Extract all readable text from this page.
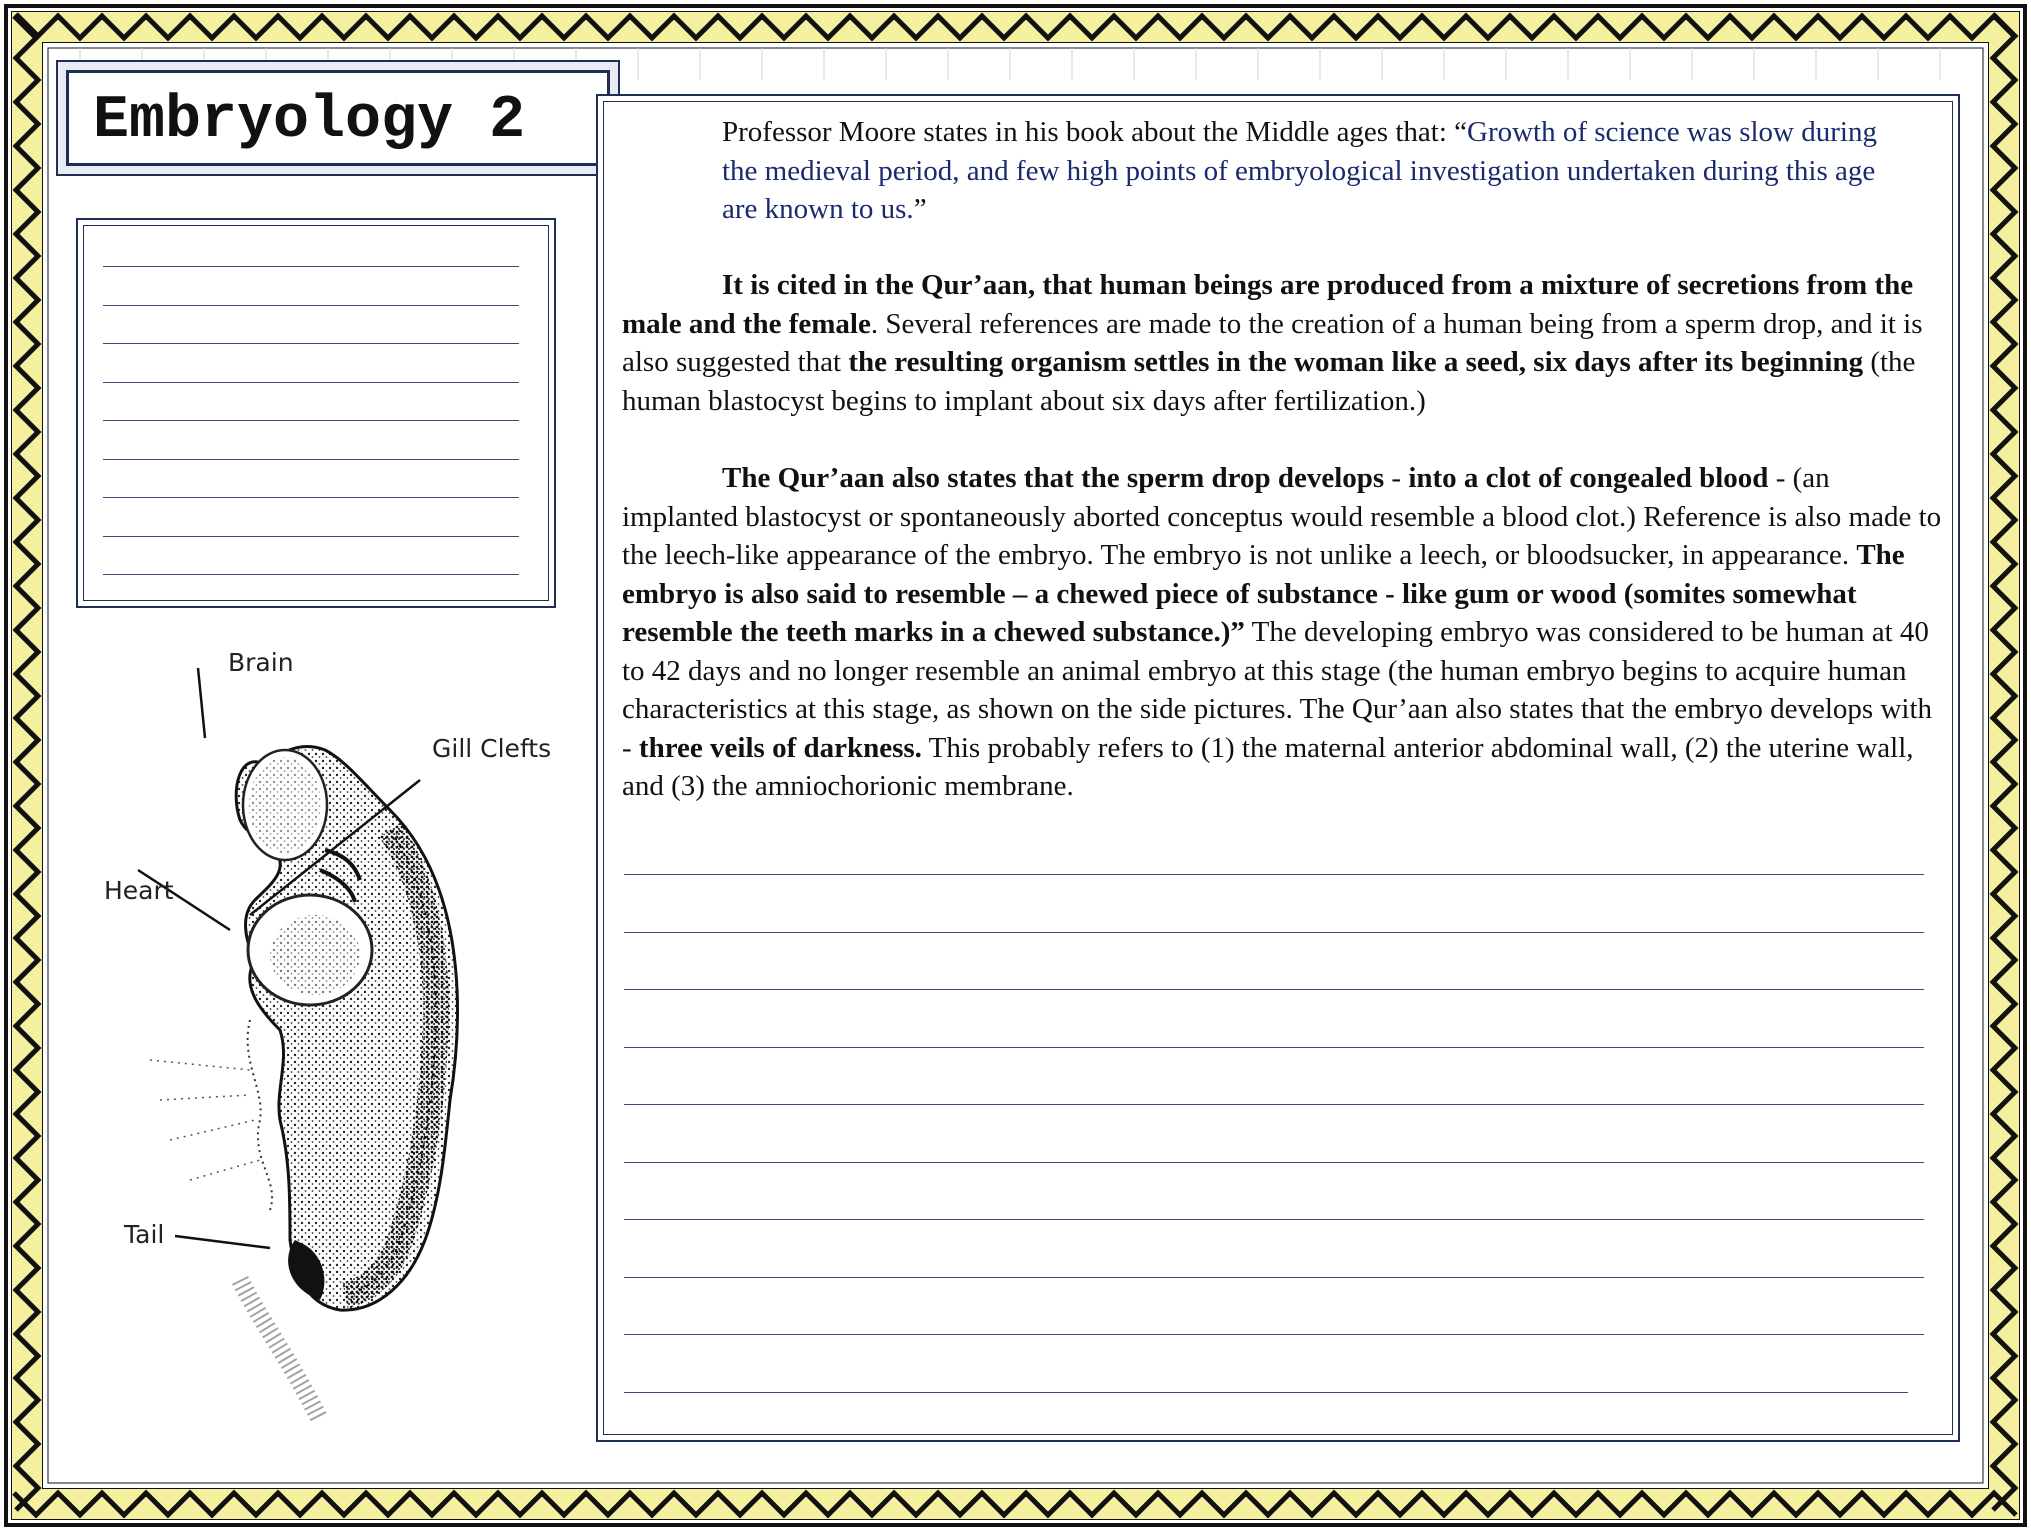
Embryology 2	Professor Moore states in his book about the Middle ages that: “Growth of science was slow during the medieval period, and few high points of embryological investigation undertaken during this age are known to us.”
It is cited in the Qur’aan, that human beings are produced from a mixture of secretions from the male and the female. Several references are made to the creation of a human being from a sperm drop, and it is also suggested that the resulting organism settles in the woman like a seed, six days after its beginning (the human blastocyst begins to implant about six days after fertilization.)
The Qur’aan also states that the sperm drop develops - into a clot of congealed blood - (an implanted blastocyst or spontaneously aborted conceptus would resemble a blood clot.) Reference is also made to the leech-like appearance of the embryo. The embryo is not unlike a leech, or bloodsucker, in appearance. The embryo is also said to resemble – a chewed piece of substance - like gum or wood (somites somewhat resemble the teeth marks in a chewed substance.)” The developing embryo was considered to be human at 40 to 42 days and no longer resemble an animal embryo at this stage (the human embryo begins to acquire human characteristics at this stage, as shown on the side pictures. The Qur’aan also states that the embryo develops with - three veils of darkness. This probably refers to (1) the maternal anterior abdominal wall, (2) the uterine wall, and (3) the amniochorionic membrane.
Brain
Gill Clefts
Heart
Tail
